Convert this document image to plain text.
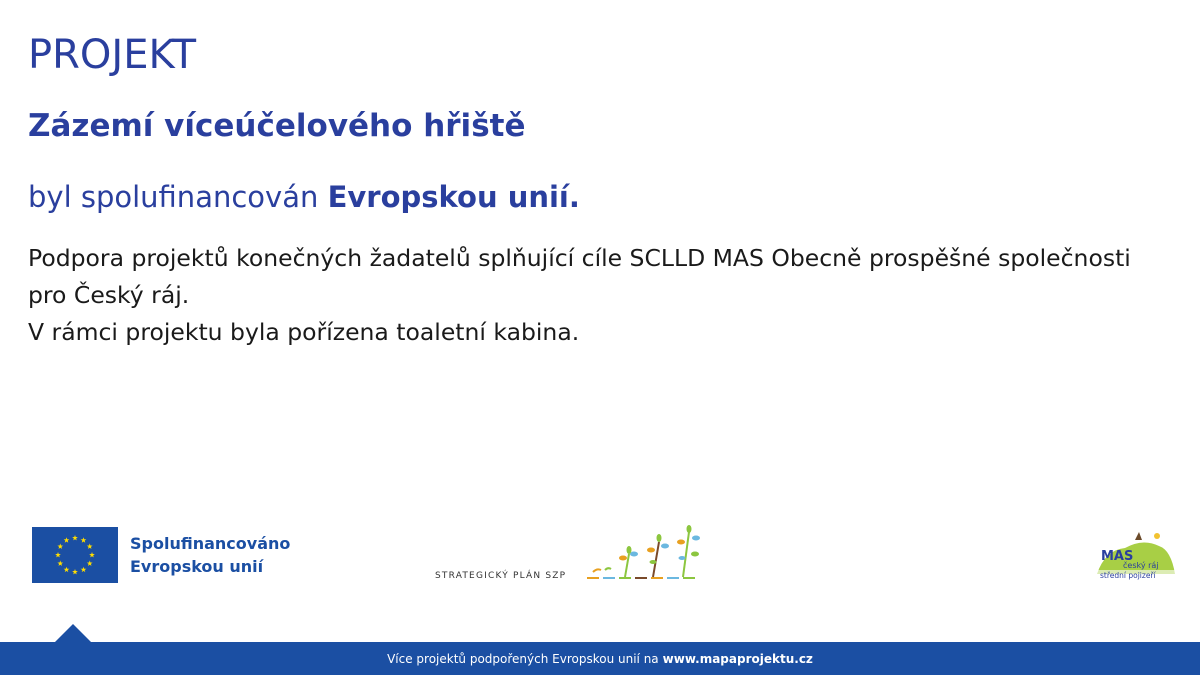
PROJEKT
Zázemí víceúčelového hřiště
byl spolufinancován Evropskou unií.

Podpora projektů konečných žadatelů splňující cíle SCLLD MAS Obecně prospěšné společnosti pro Český ráj.

V rámci projektu byla pořízena toaletní kabina.

Spolufinancováno
Evropskou unií	STRATEGICKÝ PLÁN SZP
MAS
český ráj
střední pojizeří
Více projektů podpořených Evropskou unií na www.mapaprojektu.cz
